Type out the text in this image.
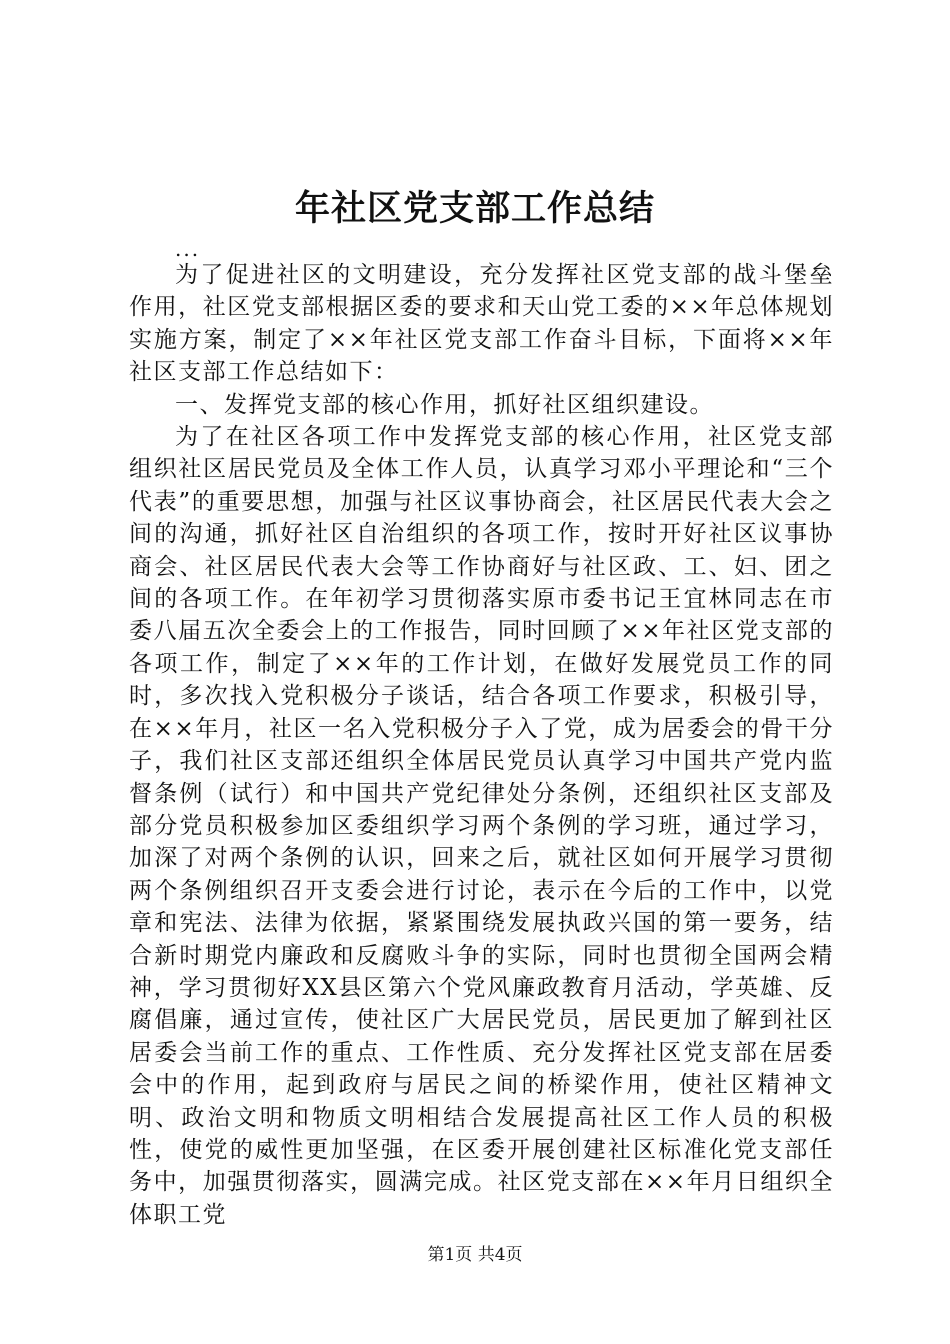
年社区党支部工作总结

...

为了促进社区的文明建设，充分发挥社区党支部的战斗堡垒作用，社区党支部根据区委的要求和天山党工委的××年总体规划实施方案，制定了××年社区党支部工作奋斗目标，下面将××年社区支部工作总结如下：

一、发挥党支部的核心作用，抓好社区组织建设。

为了在社区各项工作中发挥党支部的核心作用，社区党支部组织社区居民党员及全体工作人员，认真学习邓小平理论和“三个代表”的重要思想，加强与社区议事协商会，社区居民代表大会之间的沟通，抓好社区自治组织的各项工作，按时开好社区议事协商会、社区居民代表大会等工作协商好与社区政、工、妇、团之间的各项工作。在年初学习贯彻落实原市委书记王宜林同志在市委八届五次全委会上的工作报告，同时回顾了××年社区党支部的各项工作，制定了××年的工作计划，在做好发展党员工作的同时，多次找入党积极分子谈话，结合各项工作要求，积极引导，在××年月，社区一名入党积极分子入了党，成为居委会的骨干分子，我们社区支部还组织全体居民党员认真学习中国共产党内监督条例（试行）和中国共产党纪律处分条例，还组织社区支部及部分党员积极参加区委组织学习两个条例的学习班，通过学习，加深了对两个条例的认识，回来之后，就社区如何开展学习贯彻两个条例组织召开支委会进行讨论，表示在今后的工作中，以党章和宪法、法律为依据，紧紧围绕发展执政兴国的第一要务，结合新时期党内廉政和反腐败斗争的实际，同时也贯彻全国两会精神，学习贯彻好XX县区第六个党风廉政教育月活动，学英雄、反腐倡廉，通过宣传，使社区广大居民党员，居民更加了解到社区居委会当前工作的重点、工作性质、充分发挥社区党支部在居委会中的作用，起到政府与居民之间的桥梁作用，使社区精神文明、政治文明和物质文明相结合发展提高社区工作人员的积极性，使党的威性更加坚强，在区委开展创建社区标准化党支部任务中，加强贯彻落实，圆满完成。社区党支部在××年月日组织全体职工党

第1页 共4页
